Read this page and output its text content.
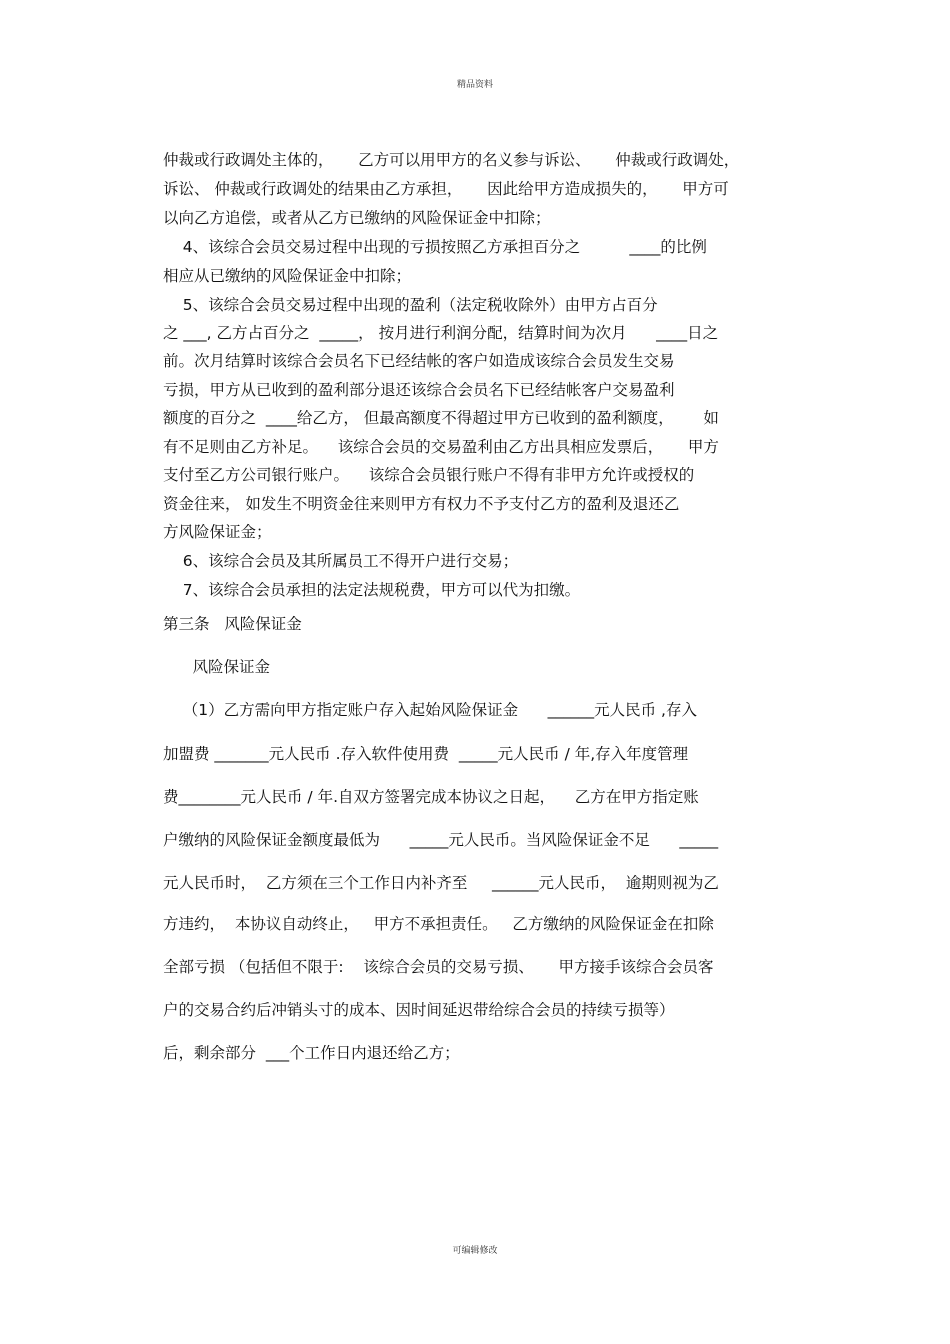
精品资料
仲裁或行政调处主体的，     乙方可以用甲方的名义参与诉讼、     仲裁或行政调处，
诉讼、 仲裁或行政调处的结果由乙方承担，     因此给甲方造成损失的，     甲方可
以向乙方追偿，或者从乙方已缴纳的风险保证金中扣除；
4、该综合会员交易过程中出现的亏损按照乙方承担百分之          ____的比例
相应从已缴纳的风险保证金中扣除；
5、该综合会员交易过程中出现的盈利（法定税收除外）由甲方占百分
之 ___, 乙方占百分之  _____， 按月进行利润分配，结算时间为次月      ____日之
前。次月结算时该综合会员名下已经结帐的客户如造成该综合会员发生交易
亏损，甲方从已收到的盈利部分退还该综合会员名下已经结帐客户交易盈利
额度的百分之  ____给乙方， 但最高额度不得超过甲方已收到的盈利额度，      如
有不足则由乙方补足。    该综合会员的交易盈利由乙方出具相应发票后，     甲方
支付至乙方公司银行账户。    该综合会员银行账户不得有非甲方允许或授权的
资金往来， 如发生不明资金往来则甲方有权力不予支付乙方的盈利及退还乙
方风险保证金；
6、该综合会员及其所属员工不得开户进行交易；
7、该综合会员承担的法定法规税费，甲方可以代为扣缴。
第三条   风险保证金
风险保证金
（1）乙方需向甲方指定账户存入起始风险保证金      ______元人民币 ,存入
加盟费 _______元人民币 .存入软件使用费  _____元人民币 / 年,存入年度管理
费________元人民币 / 年.自双方签署完成本协议之日起，    乙方在甲方指定账
户缴纳的风险保证金额度最低为      _____元人民币。当风险保证金不足      _____
元人民币时，  乙方须在三个工作日内补齐至     ______元人民币，  逾期则视为乙
方违约，  本协议自动终止，   甲方不承担责任。   乙方缴纳的风险保证金在扣除
全部亏损 （包括但不限于:    该综合会员的交易亏损、     甲方接手该综合会员客
户的交易合约后冲销头寸的成本、因时间延迟带给综合会员的持续亏损等）
后，剩余部分  ___个工作日内退还给乙方；
可编辑修改
